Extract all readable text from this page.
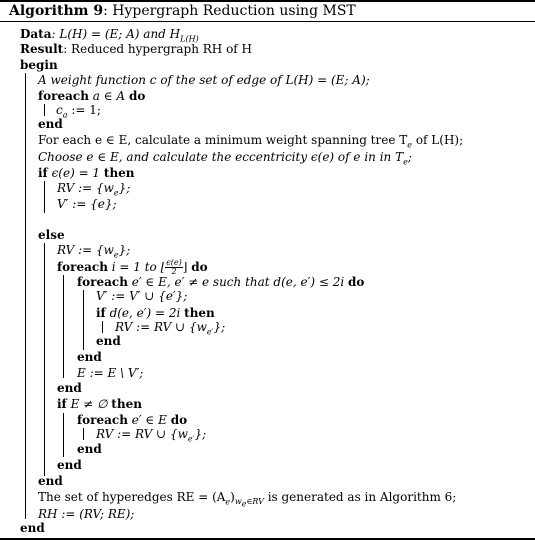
Algorithm 9: Hypergraph Reduction using MST
Data: L(H) = (E; A) and $H_{L(H)}$
Result: Reduced hypergraph RH of H
begin
A weight function c of the set of edge of L(H) = (E; A);
foreach a ∈ A do
$c_a$ := 1;
end
For each e ∈ E, calculate a minimum weight spanning tree $T_e$ of L(H);
Choose e ∈ E, and calculate the eccentricity ϵ(e) of e in in $T_e$;
if ϵ(e) = 1 then
RV := $\{w_e\}$;
V′ := {e};
else
RV := $\{w_e\}$;
foreach i = 1 to ⌊ $\frac{\epsilon(e)}{2}$ ⌋ do
foreach e′ ∈ E, e′ ≠ e such that d(e, e′) ≤ 2i do
V′ := V′ ∪ {e′};
if d(e, e′) = 2i then
RV := RV ∪ $\{w_{e'}\}$;
end
end
E := E \ V′;
end
if E ≠ ∅ then
foreach e′ ∈ E do
RV := RV ∪ $\{w_{e'}\}$;
end
end
end
The set of hyperedges RE = $(A_e)_{w_e\in RV}$ is generated as in Algorithm 6;
RH := (RV; RE);
end
